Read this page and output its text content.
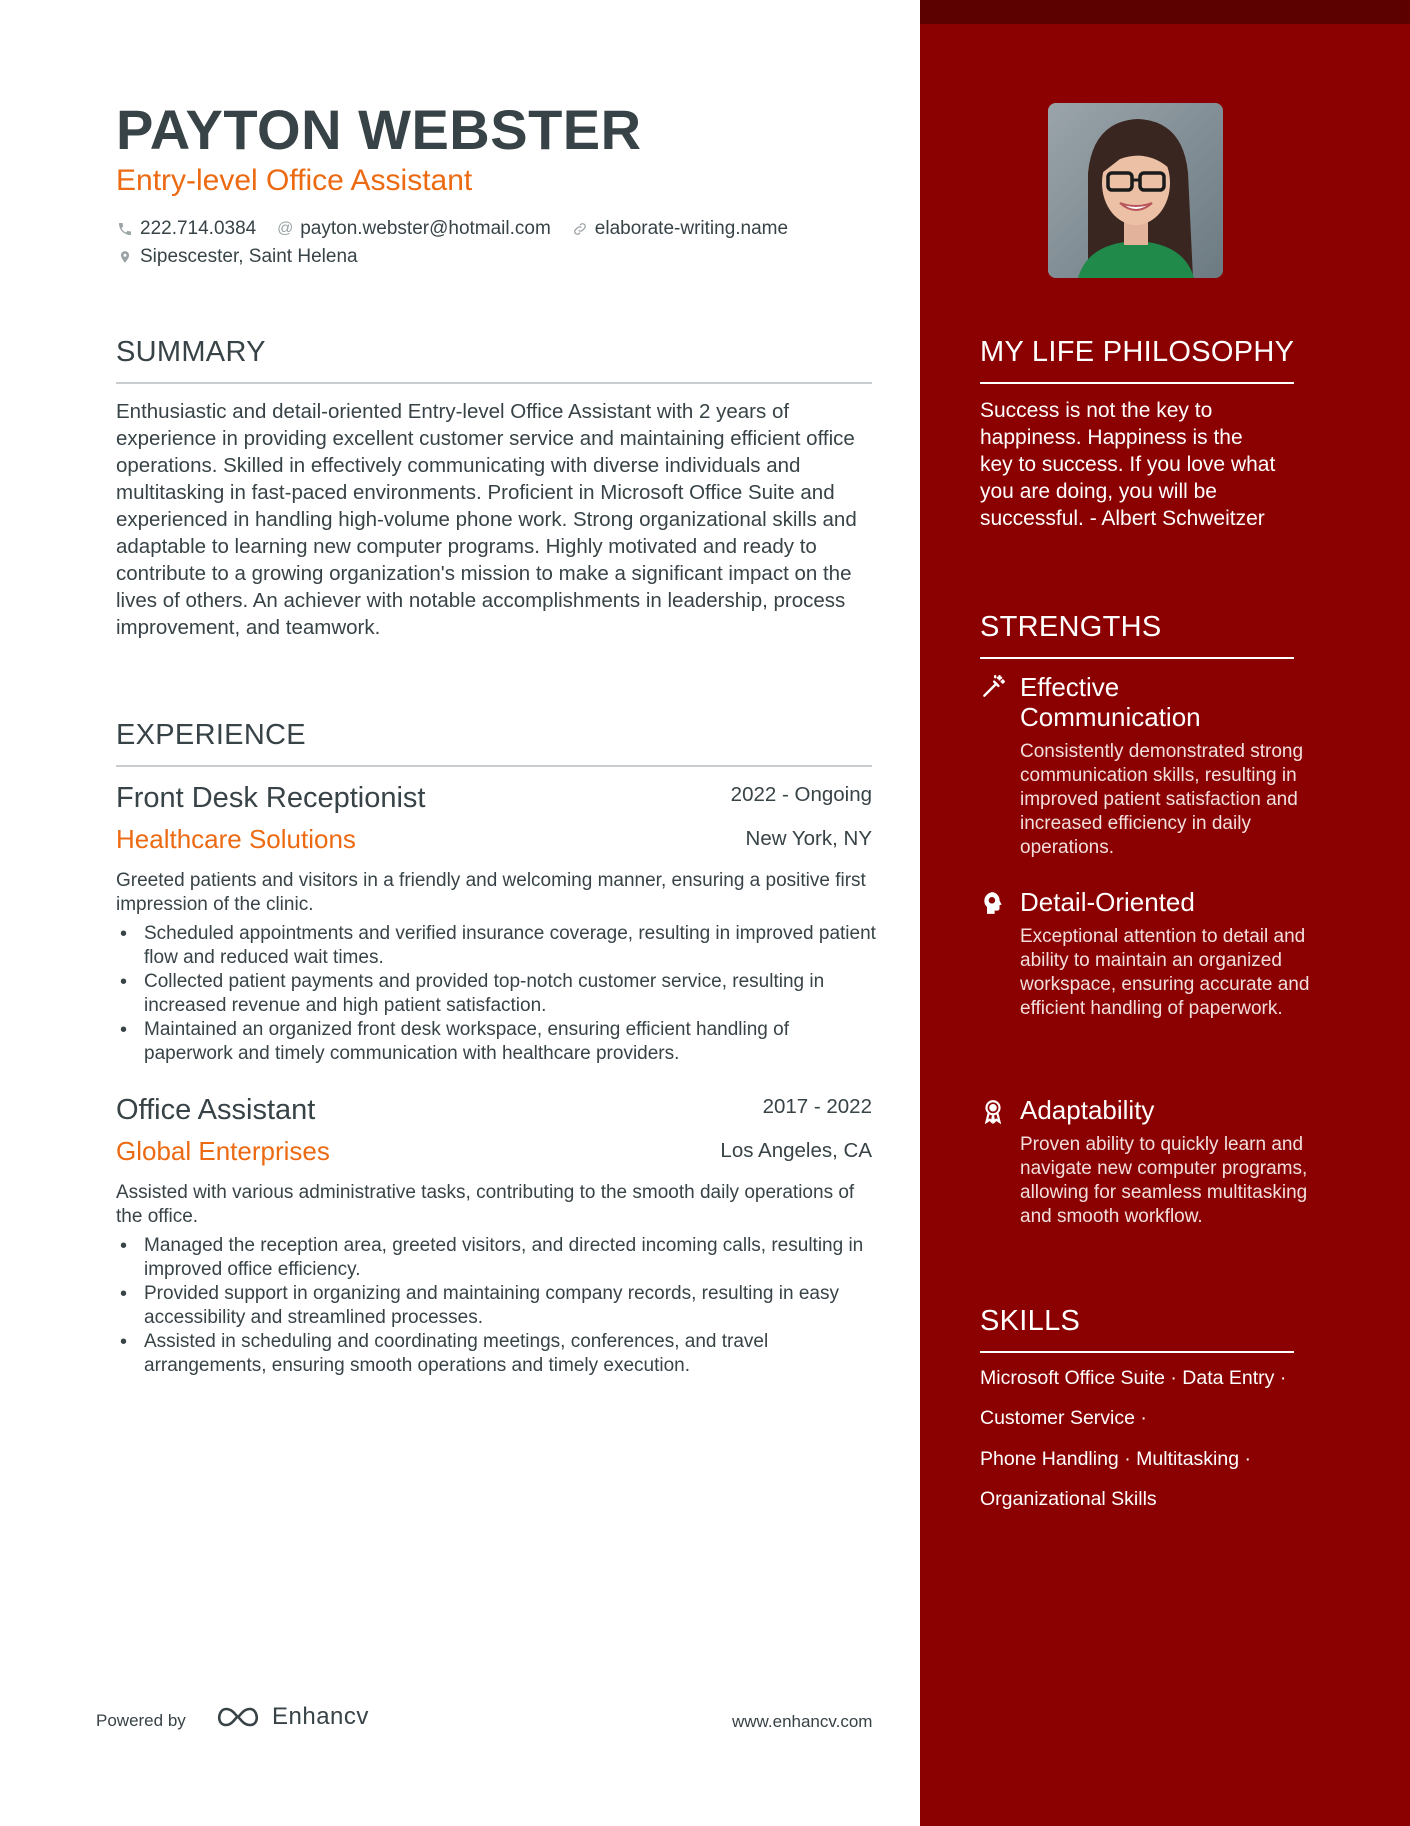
PAYTON WEBSTER
Entry-level Office Assistant
222.714.0384 @ payton.webster@hotmail.com elaborate-writing.name
Sipescester, Saint Helena
SUMMARY

Enthusiastic and detail-oriented Entry-level Office Assistant with 2 years of experience in providing excellent customer service and maintaining efficient office operations. Skilled in effectively communicating with diverse individuals and multitasking in fast-paced environments. Proficient in Microsoft Office Suite and experienced in handling high-volume phone work. Strong organizational skills and adaptable to learning new computer programs. Highly motivated and ready to contribute to a growing organization's mission to make a significant impact on the lives of others. An achiever with notable accomplishments in leadership, process improvement, and teamwork.

EXPERIENCE
Front Desk Receptionist	2022 - Ongoing
Healthcare Solutions	New York, NY

Greeted patients and visitors in a friendly and welcoming manner, ensuring a positive first impression of the clinic.

• Scheduled appointments and verified insurance coverage, resulting in improved patient flow and reduced wait times.
• Collected patient payments and provided top-notch customer service, resulting in increased revenue and high patient satisfaction.
• Maintained an organized front desk workspace, ensuring efficient handling of paperwork and timely communication with healthcare providers.
Office Assistant	2017 - 2022
Global Enterprises	Los Angeles, CA

Assisted with various administrative tasks, contributing to the smooth daily operations of the office.

• Managed the reception area, greeted visitors, and directed incoming calls, resulting in improved office efficiency.
• Provided support in organizing and maintaining company records, resulting in easy accessibility and streamlined processes.
• Assisted in scheduling and coordinating meetings, conferences, and travel arrangements, ensuring smooth operations and timely execution.
MY LIFE PHILOSOPHY

Success is not the key to happiness. Happiness is the key to success. If you love what you are doing, you will be successful. - Albert Schweitzer

STRENGTHS
Effective Communication

Consistently demonstrated strong communication skills, resulting in improved patient satisfaction and increased efficiency in daily operations.

Detail-Oriented

Exceptional attention to detail and ability to maintain an organized workspace, ensuring accurate and efficient handling of paperwork.

Adaptability

Proven ability to quickly learn and navigate new computer programs, allowing for seamless multitasking and smooth workflow.

SKILLS
Microsoft Office Suite · Data Entry ·
Customer Service ·
Phone Handling · Multitasking ·
Organizational Skills
Powered by	Enhancv	www.enhancv.com
